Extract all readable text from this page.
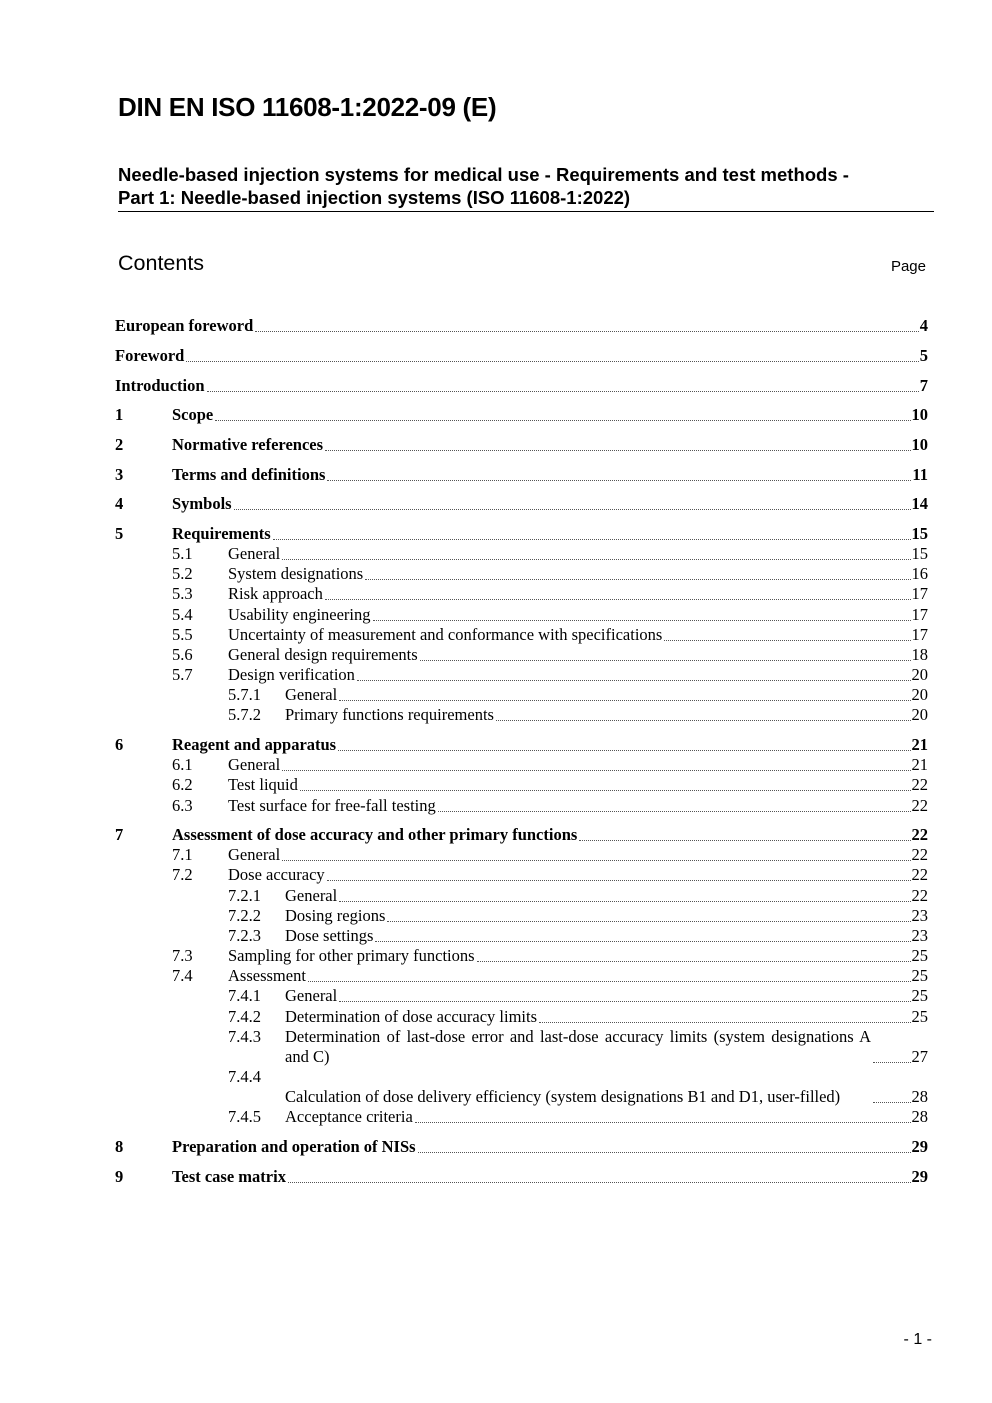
DIN EN ISO 11608-1:2022-09 (E)
Needle-based injection systems for medical use - Requirements and test methods -
Part 1: Needle-based injection systems (ISO 11608-1:2022)
Contents	Page
European foreword	4
Foreword	5
Introduction	7
1	Scope	10
2	Normative references	10
3	Terms and definitions	11
4	Symbols	14
5	Requirements	15
5.1 General	15
5.2 System designations	16
5.3 Risk approach	17
5.4 Usability engineering	17
5.5 Uncertainty of measurement and conformance with specifications	17
5.6 General design requirements	18
5.7 Design verification	20
5.7.1 General	20
5.7.2 Primary functions requirements	20
6	Reagent and apparatus	21
6.1 General	21
6.2 Test liquid	22
6.3 Test surface for free-fall testing	22
7	Assessment of dose accuracy and other primary functions	22
7.1 General	22
7.2 Dose accuracy	22
7.2.1 General	22
7.2.2 Dosing regions	23
7.2.3 Dose settings	23
7.3 Sampling for other primary functions	25
7.4 Assessment	25
7.4.1 General	25
7.4.2 Determination of dose accuracy limits	25
7.4.3 Determination of last-dose error and last-dose accuracy limits (system designations A and C)	27
7.4.4
Calculation of dose delivery efficiency (system designations B1 and D1, user-filled)	28
7.4.5 Acceptance criteria	28
8	Preparation and operation of NISs	29
9	Test case matrix	29
- 1 -
